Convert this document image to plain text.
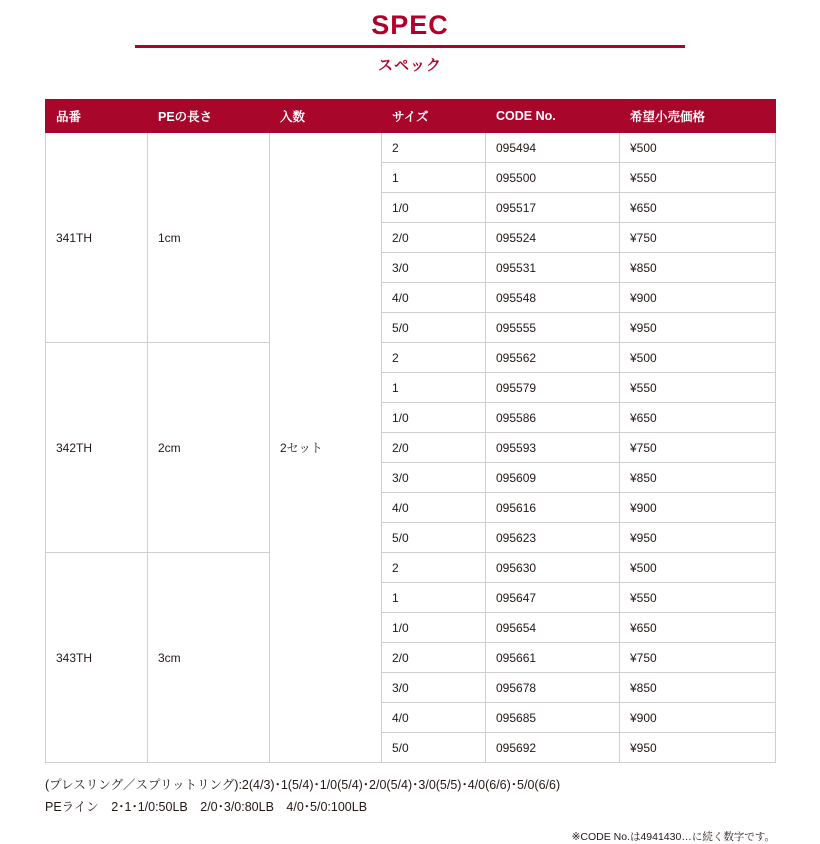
SPEC
スペック
品番	PEの長さ	入数	サイズ	CODE No.	希望小売価格
341TH	1cm	2セット	2	095494	¥500
			1	095500	¥550
			1/0	095517	¥650
			2/0	095524	¥750
			3/0	095531	¥850
			4/0	095548	¥900
			5/0	095555	¥950
342TH	2cm		2	095562	¥500
			1	095579	¥550
			1/0	095586	¥650
			2/0	095593	¥750
			3/0	095609	¥850
			4/0	095616	¥900
			5/0	095623	¥950
343TH	3cm		2	095630	¥500
			1	095647	¥550
			1/0	095654	¥650
			2/0	095661	¥750
			3/0	095678	¥850
			4/0	095685	¥900
			5/0	095692	¥950
(プレスリング／スプリットリング):2(4/3)･1(5/4)･1/0(5/4)･2/0(5/4)･3/0(5/5)･4/0(6/6)･5/0(6/6)
PEライン　2･1･1/0:50LB　2/0･3/0:80LB　4/0･5/0:100LB
※CODE No.は4941430…に続く数字です。
